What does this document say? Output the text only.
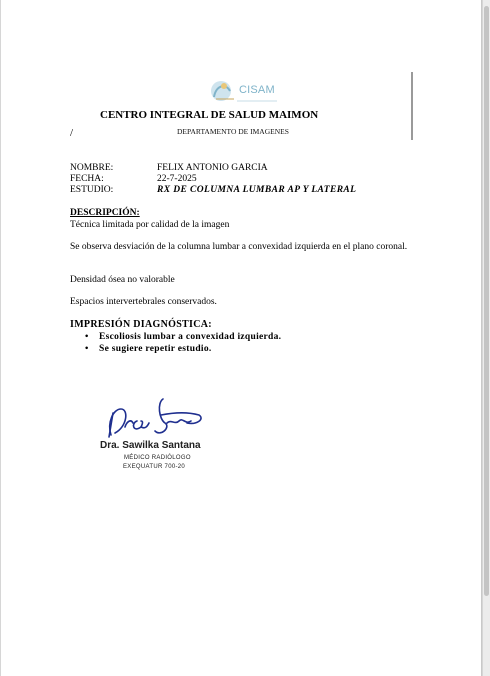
CISAM
CENTRO INTEGRAL DE SALUD MAIMON
/	DEPARTAMENTO DE IMAGENES
NOMBRE:	FELIX ANTONIO GARCIA
FECHA:	22-7-2025
ESTUDIO:	RX DE COLUMNA LUMBAR AP Y LATERAL
DESCRIPCIÓN:
Técnica limitada por calidad de la imagen
Se observa desviación de la columna lumbar a convexidad izquierda en el plano coronal.
Densidad ósea no valorable
Espacios intervertebrales conservados.
IMPRESIÓN DIAGNÓSTICA:
• Escoliosis lumbar a convexidad izquierda.
• Se sugiere repetir estudio.
Dra. Sawilka Santana
MÉDICO RADIÓLOGO
EXEQUATUR 700-20
